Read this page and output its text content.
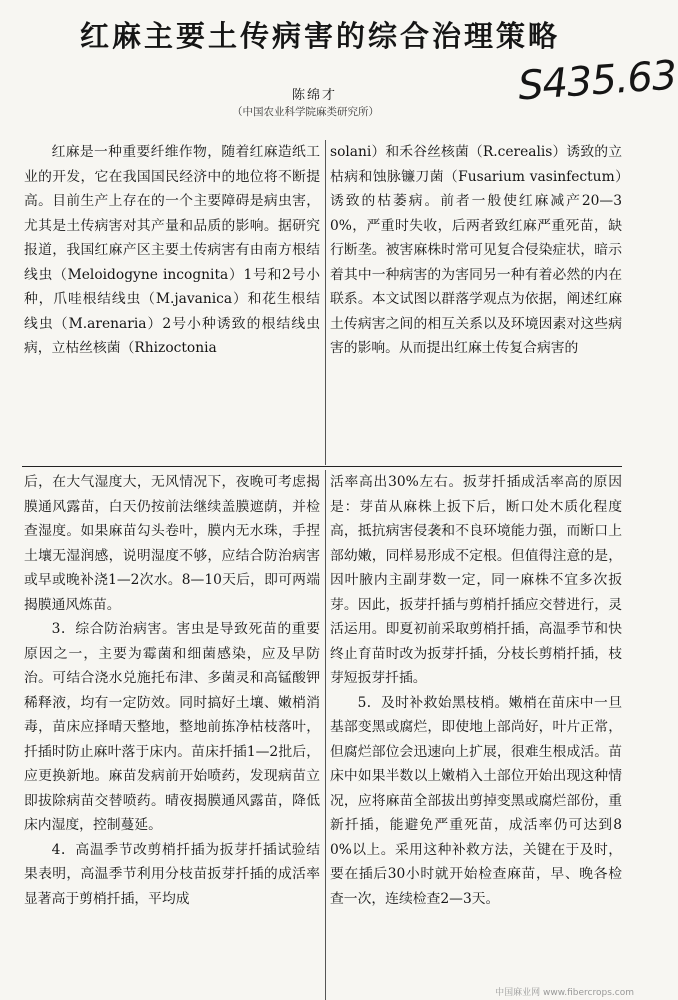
红麻主要土传病害的综合治理策略
陈绵才
（中国农业科学院麻类研究所）
S435.63

红麻是一种重要纤维作物，随着红麻造纸工业的开发，它在我国国民经济中的地位将不断提高。目前生产上存在的一个主要障碍是病虫害，尤其是土传病害对其产量和品质的影响。据研究报道，我国红麻产区主要土传病害有由南方根结线虫（Meloidogyne incognita）1号和2号小种，爪哇根结线虫（M.javanica）和花生根结线虫（M.arenaria）2号小种诱致的根结线虫病，立枯丝核菌（Rhizoctonia

solani）和禾谷丝核菌（R.cerealis）诱致的立枯病和蚀脉镰刀菌（Fusarium vasinfectum）诱致的枯萎病。前者一般使红麻减产20—30%，严重时失收，后两者致红麻严重死苗，缺行断垄。被害麻株时常可见复合侵染症状，暗示着其中一种病害的为害同另一种有着必然的内在联系。本文试图以群落学观点为依据，阐述红麻土传病害之间的相互关系以及环境因素对这些病害的影响。从而提出红麻土传复合病害的

后，在大气湿度大，无风情况下，夜晚可考虑揭膜通风露苗，白天仍按前法继续盖膜遮荫，并检查湿度。如果麻苗勾头卷叶，膜内无水珠，手捏土壤无湿润感，说明湿度不够，应结合防治病害或早或晚补浇1—2次水。8—10天后，即可两端揭膜通风炼苗。

3．综合防治病害。害虫是导致死苗的重要原因之一，主要为霉菌和细菌感染，应及早防治。可结合浇水兑施托布津、多菌灵和高锰酸钾稀释液，均有一定防效。同时搞好土壤、嫩梢消毒，苗床应择晴天整地，整地前拣净枯枝落叶，扦插时防止麻叶落于床内。苗床扦插1—2批后，应更换新地。麻苗发病前开始喷药，发现病苗立即拔除病苗交替喷药。晴夜揭膜通风露苗，降低床内湿度，控制蔓延。

4．高温季节改剪梢扦插为扳芽扦插试验结果表明，高温季节利用分枝苗扳芽扦插的成活率显著高于剪梢扦插，平均成

活率高出30%左右。扳芽扦插成活率高的原因是：芽苗从麻株上扳下后，断口处木质化程度高，抵抗病害侵袭和不良环境能力强，而断口上部幼嫩，同样易形成不定根。但值得注意的是，因叶腋内主副芽数一定，同一麻株不宜多次扳芽。因此，扳芽扦插与剪梢扦插应交替进行，灵活运用。即夏初前采取剪梢扦插，高温季节和快终止育苗时改为扳芽扦插，分枝长剪梢扦插，枝芽短扳芽扦插。

5．及时补救始黑枝梢。嫩梢在苗床中一旦基部变黑或腐烂，即使地上部尚好，叶片正常，但腐烂部位会迅速向上扩展，很难生根成活。苗床中如果半数以上嫩梢入土部位开始出现这种情况，应将麻苗全部拔出剪掉变黑或腐烂部份，重新扦插，能避免严重死苗，成活率仍可达到80%以上。采用这种补救方法，关键在于及时，要在插后30小时就开始检查麻苗，早、晚各检查一次，连续检查2—3天。

中国麻业网 www.fibercrops.com
